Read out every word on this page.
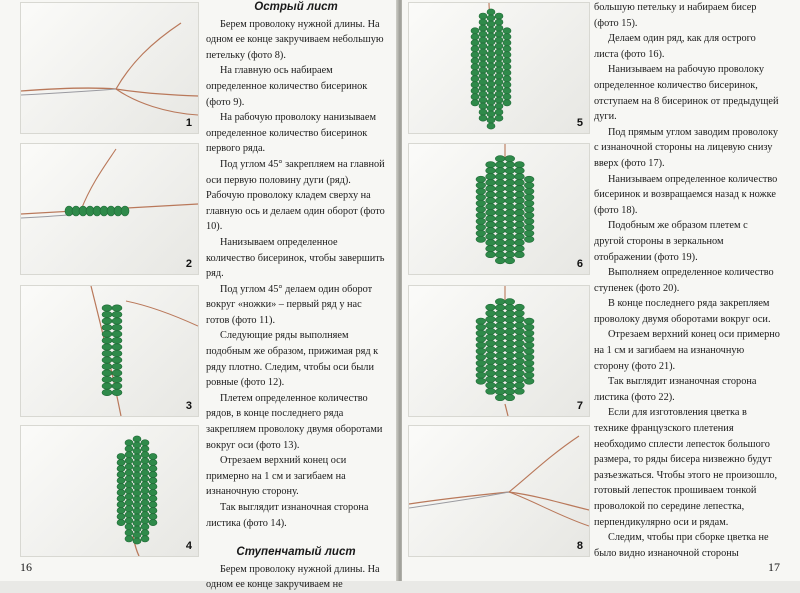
1
2
3
4
Острый лист

Берем проволоку нужной длины. На одном ее конце закручиваем небольшую петельку (фото 8).

На главную ось набираем определенное количество бисеринок (фото 9).

На рабочую проволоку нанизываем определенное количество бисеринок первого ряда.

Под углом 45° закрепляем на главной оси первую половину дуги (ряд). Рабочую проволоку кладем сверху на главную ось и делаем один оборот (фото 10).

Нанизываем определенное количество бисеринок, чтобы завершить ряд.

Под углом 45° делаем один оборот вокруг «ножки» – первый ряд у нас готов (фото 11).

Следующие ряды выполняем подобным же образом, прижимая ряд к ряду плотно. Следим, чтобы оси были ровные (фото 12).

Плетем определенное количество рядов, в конце последнего ряда закрепляем проволоку двумя оборотами вокруг оси (фото 13).

Отрезаем верхний конец оси примерно на 1 см и загибаем на изнаночную сторону.

Так выглядит изнаночная сторона листика (фото 14).

Ступенчатый лист

Берем проволоку нужной длины. На одном ее конце закручиваем не

16
5
6
7
8

большую петельку и набираем бисер (фото 15).

Делаем один ряд, как для острого листа (фото 16).

Нанизываем на рабочую проволоку определенное количество бисеринок, отступаем на 8 бисеринок от предыдущей дуги.

Под прямым углом заводим проволоку с изнаночной стороны на лицевую снизу вверх (фото 17).

Нанизываем определенное количество бисеринок и возвращаемся назад к ножке (фото 18).

Подобным же образом плетем с другой стороны в зеркальном отображении (фото 19).

Выполняем определенное количество ступенек (фото 20).

В конце последнего ряда закрепляем проволоку двумя оборотами вокруг оси.

Отрезаем верхний конец оси примерно на 1 см и загибаем на изнаночную сторону (фото 21).

Так выглядит изнаночная сторона листика (фото 22).

Если для изготовления цветка в технике французского плетения необходимо сплести лепесток большого размера, то ряды бисера низвежно будут разъезжаться. Чтобы этого не произошло, готовый лепесток прошиваем тонкой проволокой по середине лепестка, перпендикулярно оси и рядам.

Следим, чтобы при сборке цветка не было видно изнаночной стороны

17
